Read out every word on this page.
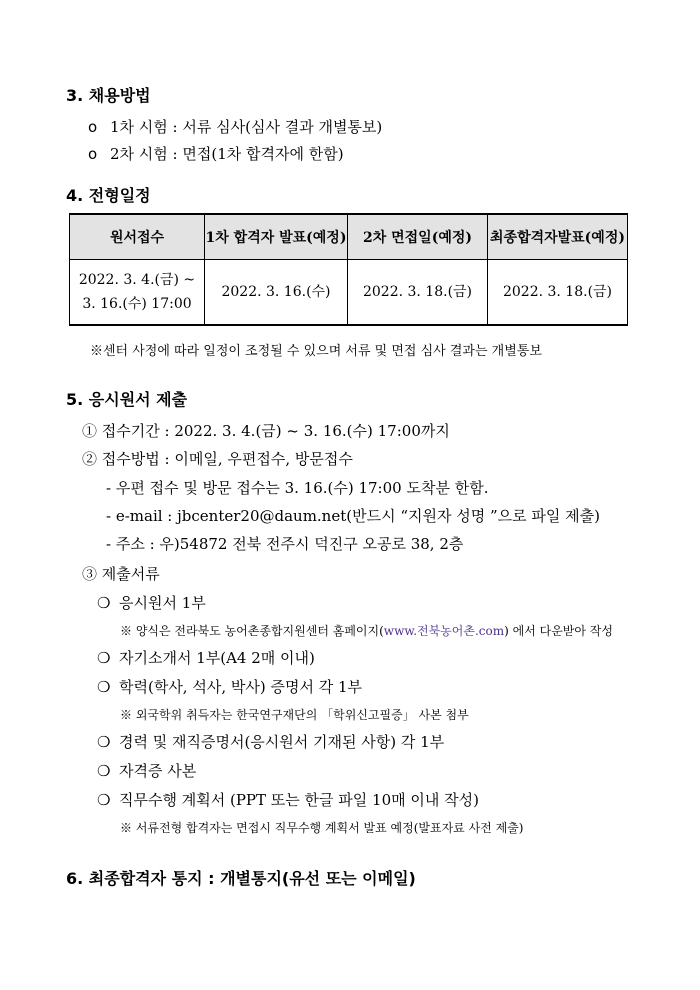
3. 채용방법
o 1차 시험 : 서류 심사(심사 결과 개별통보)
o 2차 시험 : 면접(1차 합격자에 한함)
4. 전형일정
원서접수	1차 합격자 발표(예정)	2차 면접일(예정)	최종합격자발표(예정)

2022. 3. 4.(금) ~
3. 16.(수) 17:00	2022. 3. 16.(수)	2022. 3. 18.(금)	2022. 3. 18.(금)
※센터 사정에 따라 일정이 조정될 수 있으며 서류 및 면접 심사 결과는 개별통보
5. 응시원서 제출
① 접수기간 : 2022. 3. 4.(금) ~ 3. 16.(수) 17:00까지
② 접수방법 : 이메일, 우편접수, 방문접수
- 우편 접수 및 방문 접수는 3. 16.(수) 17:00 도착분 한함.
- e-mail : jbcenter20@daum.net(반드시 “지원자 성명 ”으로 파일 제출)
- 주소 : 우)54872 전북 전주시 덕진구 오공로 38, 2층
③ 제출서류
❍ 응시원서 1부
※ 양식은 전라북도 농어촌종합지원센터 홈페이지(www.전북농어촌.com) 에서 다운받아 작성
❍ 자기소개서 1부(A4 2매 이내)
❍ 학력(학사, 석사, 박사) 증명서 각 1부
※ 외국학위 취득자는 한국연구재단의 「학위신고필증」 사본 첨부
❍ 경력 및 재직증명서(응시원서 기재된 사항) 각 1부
❍ 자격증 사본
❍ 직무수행 계획서 (PPT 또는 한글 파일 10매 이내 작성)
※ 서류전형 합격자는 면접시 직무수행 계획서 발표 예정(발표자료 사전 제출)
6. 최종합격자 통지 : 개별통지(유선 또는 이메일)
